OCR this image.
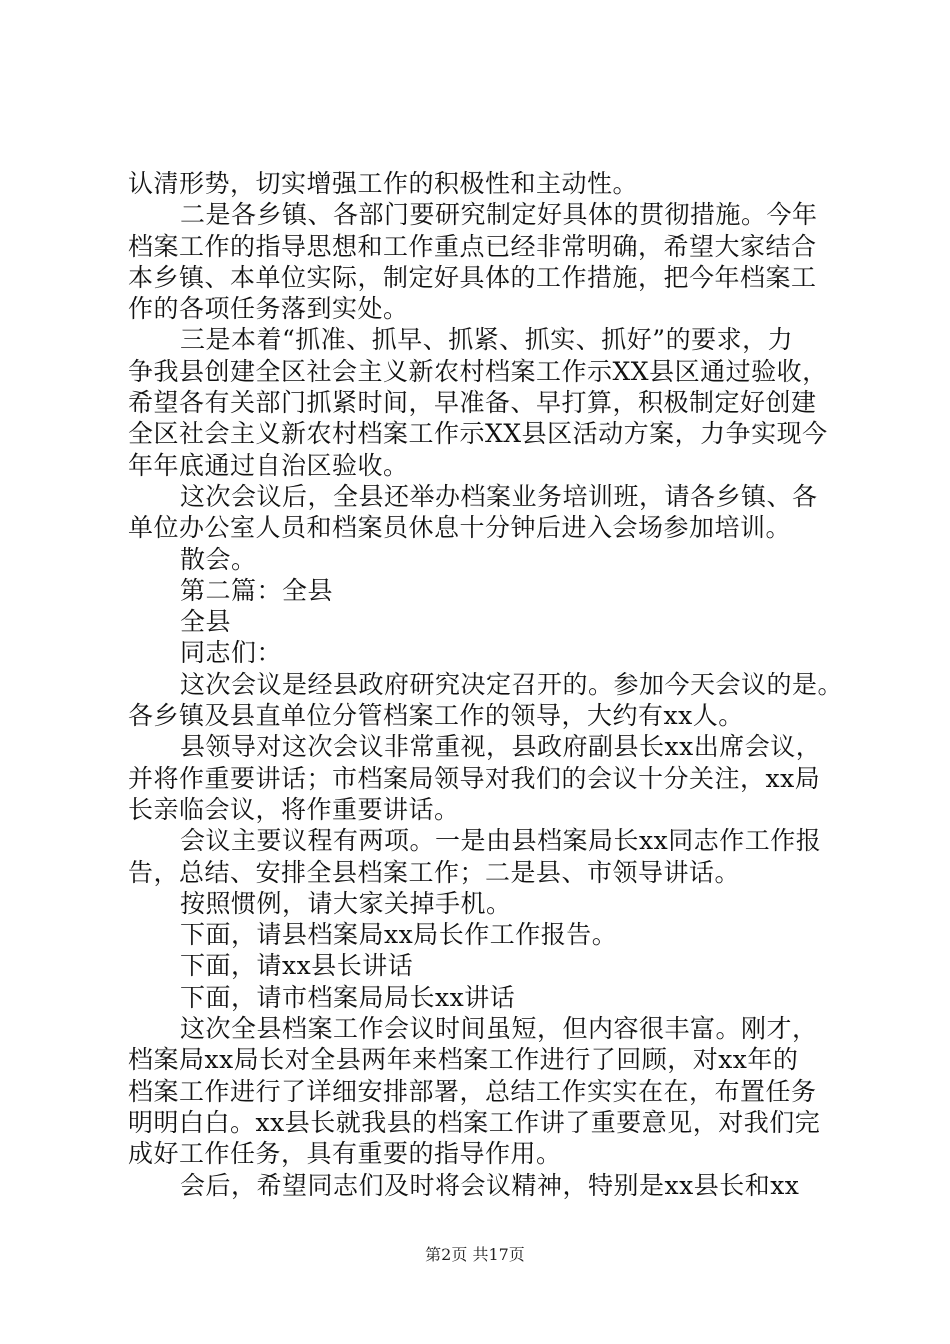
认清形势，切实增强工作的积极性和主动性。
二是各乡镇、各部门要研究制定好具体的贯彻措施。今年
档案工作的指导思想和工作重点已经非常明确，希望大家结合
本乡镇、本单位实际，制定好具体的工作措施，把今年档案工
作的各项任务落到实处。
三是本着“抓准、抓早、抓紧、抓实、抓好”的要求，力
争我县创建全区社会主义新农村档案工作示XX县区通过验收，
希望各有关部门抓紧时间，早准备、早打算，积极制定好创建
全区社会主义新农村档案工作示XX县区活动方案，力争实现今
年年底通过自治区验收。
这次会议后，全县还举办档案业务培训班，请各乡镇、各
单位办公室人员和档案员休息十分钟后进入会场参加培训。
散会。
第二篇：全县
全县
同志们：
这次会议是经县政府研究决定召开的。参加今天会议的是。
各乡镇及县直单位分管档案工作的领导，大约有xx人。
县领导对这次会议非常重视，县政府副县长xx出席会议，
并将作重要讲话；市档案局领导对我们的会议十分关注，xx局
长亲临会议，将作重要讲话。
会议主要议程有两项。一是由县档案局长xx同志作工作报
告，总结、安排全县档案工作；二是县、市领导讲话。
按照惯例，请大家关掉手机。
下面，请县档案局xx局长作工作报告。
下面，请xx县长讲话
下面，请市档案局局长xx讲话
这次全县档案工作会议时间虽短，但内容很丰富。刚才，
档案局xx局长对全县两年来档案工作进行了回顾，对xx年的
档案工作进行了详细安排部署，总结工作实实在在，布置任务
明明白白。xx县长就我县的档案工作讲了重要意见，对我们完
成好工作任务，具有重要的指导作用。
会后，希望同志们及时将会议精神，特别是xx县长和xx
第2页 共17页
